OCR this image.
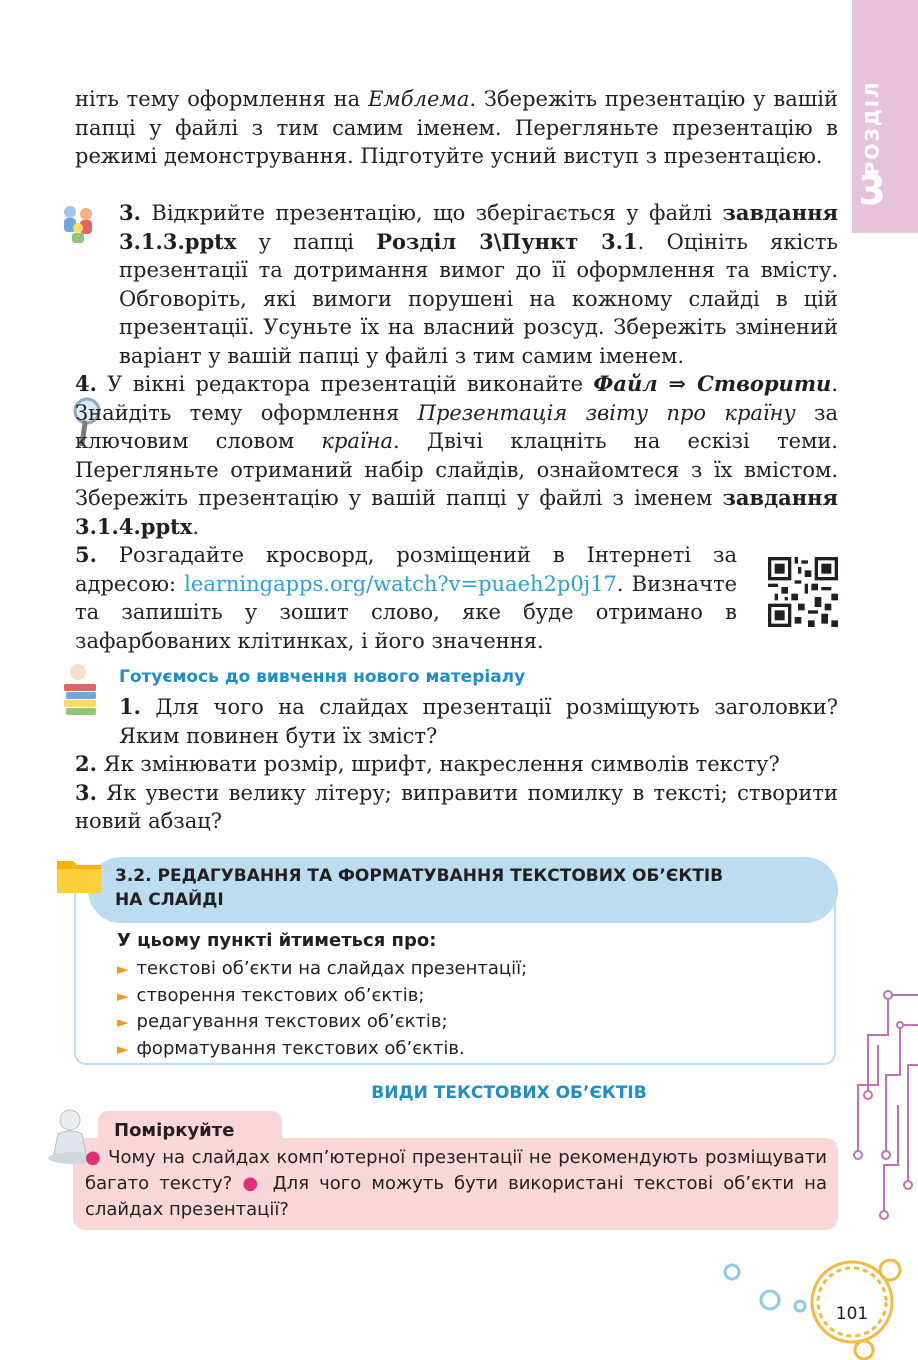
РОЗДІЛ
3

ніть тему оформлення на Емблема. Збережіть презентацію у вашій папці у файлі з тим самим іменем. Перегляньте презентацію в режимі демонстрування. Підготуйте усний виступ з презентацією.

3. Відкрийте презентацію, що зберігається у файлі завдання 3.1.3.pptx у папці Розділ 3\Пункт 3.1. Оцініть якість презентації та дотримання вимог до її оформлення та вмісту. Обговоріть, які вимоги порушені на кожному слайді в цій презентації. Усуньте їх на власний розсуд. Збережіть змінений варіант у вашій папці у файлі з тим самим іменем.

4. У вікні редактора презентацій виконайте Файл ⇒ Створити. Знайдіть тему оформлення Презентація звіту про країну за ключовим словом країна. Двічі клацніть на ескізі теми. Перегляньте отриманий набір слайдів, ознайомтеся з їх вмістом. Збережіть презентацію у вашій папці у файлі з іменем завдання 3.1.4.pptx.

5. Розгадайте кросворд, розміщений в Інтернеті за адресою: learningapps.org/watch?v=puaeh2p0j17. Визначте та запишіть у зошит слово, яке буде отримано в зафарбованих клітинках, і його значення.

Готуємось до вивчення нового матеріалу

1. Для чого на слайдах презентації розміщують заголовки? Яким повинен бути їх зміст?

2. Як змінювати розмір, шрифт, накреслення символів тексту?

3. Як увести велику літеру; виправити помилку в тексті; створити новий абзац?

3.2. РЕДАГУВАННЯ ТА ФОРМАТУВАННЯ ТЕКСТОВИХ ОБ’ЄКТІВ
НА СЛАЙДІ
У цьому пункті йтиметься про:
► текстові об’єкти на слайдах презентації;
► створення текстових об’єктів;
► редагування текстових об’єктів;
► форматування текстових об’єктів.
ВИДИ ТЕКСТОВИХ ОБ’ЄКТІВ
Поміркуйте
● Чому на слайдах комп’ютерної презентації не рекомендують розміщувати багато тексту? ● Для чого можуть бути використані текстові об’єкти на слайдах презентації?
101
